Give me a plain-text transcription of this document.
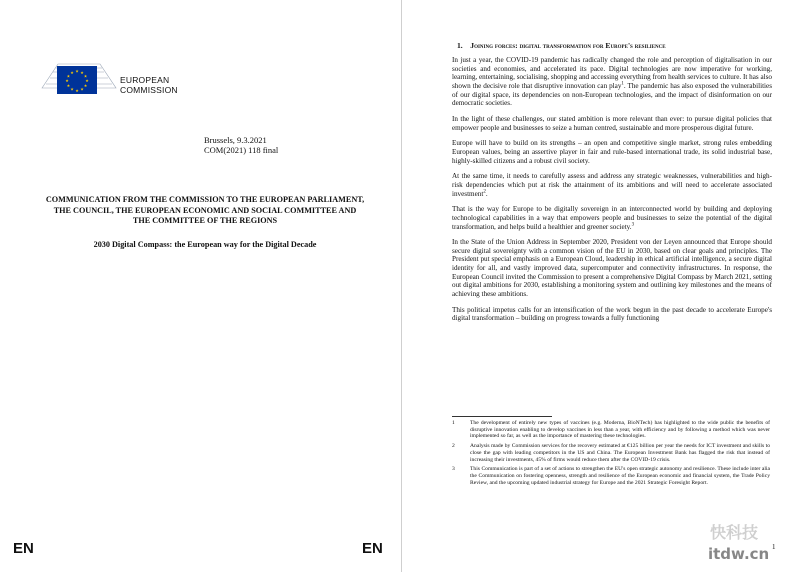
★ ★
★
★
★
★
★
★
★
★
★
★
EUROPEAN
COMMISSION
Brussels, 9.3.2021
COM(2021) 118 final
COMMUNICATION FROM THE COMMISSION TO THE EUROPEAN PARLIAMENT, THE COUNCIL, THE EUROPEAN ECONOMIC AND SOCIAL COMMITTEE AND THE COMMITTEE OF THE REGIONS
2030 Digital Compass: the European way for the Digital Decade
EN
1. Joining forces: digital transformation for Europe's resilience

In just a year, the COVID-19 pandemic has radically changed the role and perception of digitalisation in our societies and economies, and accelerated its pace. Digital technologies are now imperative for working, learning, entertaining, socialising, shopping and accessing everything from health services to culture. It has also shown the decisive role that disruptive innovation can play$^1$. The pandemic has also exposed the vulnerabilities of our digital space, its dependencies on non-European technologies, and the impact of disinformation on our democratic societies.

In the light of these challenges, our stated ambition is more relevant than ever: to pursue digital policies that empower people and businesses to seize a human centred, sustainable and more prosperous digital future.

Europe will have to build on its strengths – an open and competitive single market, strong rules embedding European values, being an assertive player in fair and rule-based international trade, its solid industrial base, highly-skilled citizens and a robust civil society.

At the same time, it needs to carefully assess and address any strategic weaknesses, vulnerabilities and high-risk dependencies which put at risk the attainment of its ambitions and will need to accelerate associated investment$^2$.

That is the way for Europe to be digitally sovereign in an interconnected world by building and deploying technological capabilities in a way that empowers people and businesses to seize the potential of the digital transformation, and helps build a healthier and greener society.$^3$

In the State of the Union Address in September 2020, President von der Leyen announced that Europe should secure digital sovereignty with a common vision of the EU in 2030, based on clear goals and principles. The President put special emphasis on a European Cloud, leadership in ethical artificial intelligence, a secure digital identity for all, and vastly improved data, supercomputer and connectivity infrastructures. In response, the European Council invited the Commission to present a comprehensive Digital Compass by March 2021, setting out digital ambitions for 2030, establishing a monitoring system and outlining key milestones and the means of achieving these ambitions.

This political impetus calls for an intensification of the work begun in the past decade to accelerate Europe's digital transformation – building on progress towards a fully functioning

1	The development of entirely new types of vaccines (e.g. Moderna, BioNTech) has highlighted to the wide public the benefits of disruptive innovation enabling to develop vaccines in less than a year, with efficiency and by following a method which was never implemented so far, as well as the importance of mastering these technologies.
2	Analysis made by Commission services for the recovery estimated at €125 billion per year the needs for ICT investment and skills to close the gap with leading competitors in the US and China. The European Investment Bank has flagged the risk that instead of increasing their investments, 45% of firms would reduce them after the COVID-19 crisis.
3	This Communication is part of a set of actions to strengthen the EU's open strategic autonomy and resilience. These include inter alia the Communication on fostering openness, strength and resilience of the European economic and financial system, the Trade Policy Review, and the upcoming updated industrial strategy for Europe and the 2021 Strategic Foresight Report.
1
EN
快科技
itdw.cn
